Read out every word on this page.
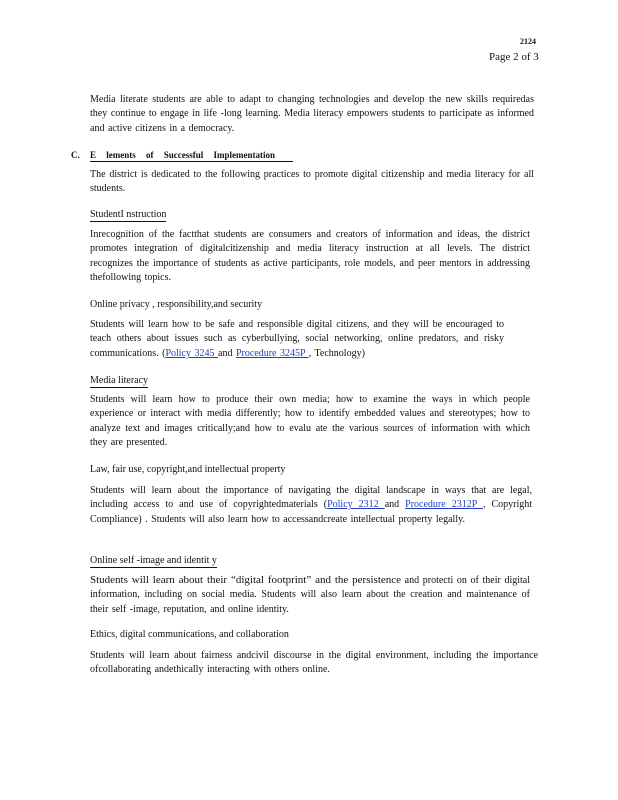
2124
Page 2 of 3
Media literate students are able to adapt to changing technologies and develop the new skills requiredas they continue to engage in life -long learning. Media literacy empowers students to participate as informed and active citizens in a democracy.
C. E lements of Successful Implementation
The district is dedicated to the following practices to promote digital citizenship and media literacy for all students.
StudentI nstruction
Inrecognition of the factthat students are consumers and creators of information and ideas, the district promotes integration of digitalcitizenship and media literacy instruction at all levels. The district recognizes the importance of students as active participants, role models, and peer mentors in addressing thefollowing topics.
Online privacy , responsibility,and security
Students will learn how to be safe and responsible digital citizens, and they will be encouraged to teach others about issues such as cyberbullying, social networking, online predators, and risky communications. (Policy 3245 and Procedure 3245P , Technology)
Media literacy
Students will learn how to produce their own media; how to examine the ways in which people experience or interact with media differently; how to identify embedded values and stereotypes; how to analyze text and images critically;and how to evalu ate the various sources of information with which they are presented.
Law, fair use, copyright,and intellectual property
Students will learn about the importance of navigating the digital landscape in ways that are legal, including access to and use of copyrightedmaterials (Policy 2312 and Procedure 2312P , Copyright Compliance) . Students will also learn how to accessandcreate intellectual property legally.
Online self -image and identit y
Students will learn about their “digital footprint” and the persistence and protecti on of their digital information, including on social media. Students will also learn about the creation and maintenance of their self -image, reputation, and online identity.
Ethics, digital communications, and collaboration
Students will learn about fairness andcivil discourse in the digital environment, including the importance ofcollaborating andethically interacting with others online.
